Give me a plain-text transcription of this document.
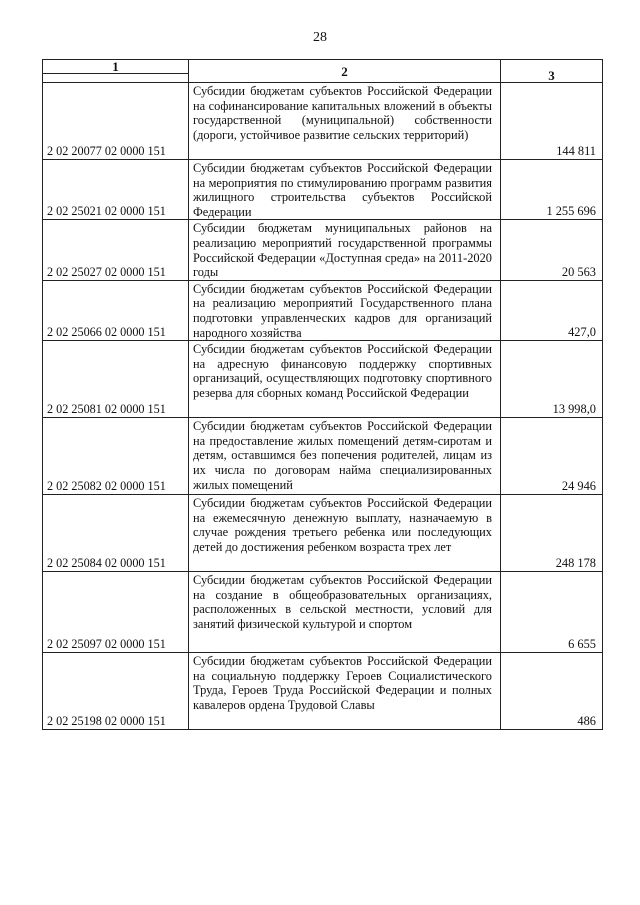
28
1	2	3

2 02 20077 02 0000 151	Субсидии бюджетам субъектов Российской Федерации на софинансирование капитальных вложений в объекты государственной (муниципальной) собственности (дороги, устойчивое развитие сельских территорий)	144 811
2 02 25021 02 0000 151	Субсидии бюджетам субъектов Российской Федерации на мероприятия по стимулированию программ развития жилищного строительства субъектов Российской Федерации	1 255 696
2 02 25027 02 0000 151	Субсидии бюджетам муниципальных районов на реализацию мероприятий государственной программы Российской Федерации «Доступная среда» на 2011-2020 годы	20 563
2 02 25066 02 0000 151	Субсидии бюджетам субъектов Российской Федерации на реализацию мероприятий Государственного плана подготовки управленческих кадров для организаций народного хозяйства	427,0
2 02 25081 02 0000 151	Субсидии бюджетам субъектов Российской Федерации на адресную финансовую поддержку спортивных организаций, осуществляющих подготовку спортивного резерва для сборных команд Российской Федерации	13 998,0
2 02 25082 02 0000 151	Субсидии бюджетам субъектов Российской Федерации на предоставление жилых помещений детям-сиротам и детям, оставшимся без попечения родителей, лицам из их числа по договорам найма специализированных жилых помещений	24 946
2 02 25084 02 0000 151	Субсидии бюджетам субъектов Российской Федерации на ежемесячную денежную выплату, назначаемую в случае рождения третьего ребенка или последующих детей до достижения ребенком возраста трех лет	248 178
2 02 25097 02 0000 151	Субсидии бюджетам субъектов Российской Федерации на создание в общеобразовательных организациях, расположенных в сельской местности, условий для занятий физической культурой и спортом	6 655
2 02 25198 02 0000 151	Субсидии бюджетам субъектов Российской Федерации на социальную поддержку Героев Социалистического Труда, Героев Труда Российской Федерации и полных кавалеров ордена Трудовой Славы	486
